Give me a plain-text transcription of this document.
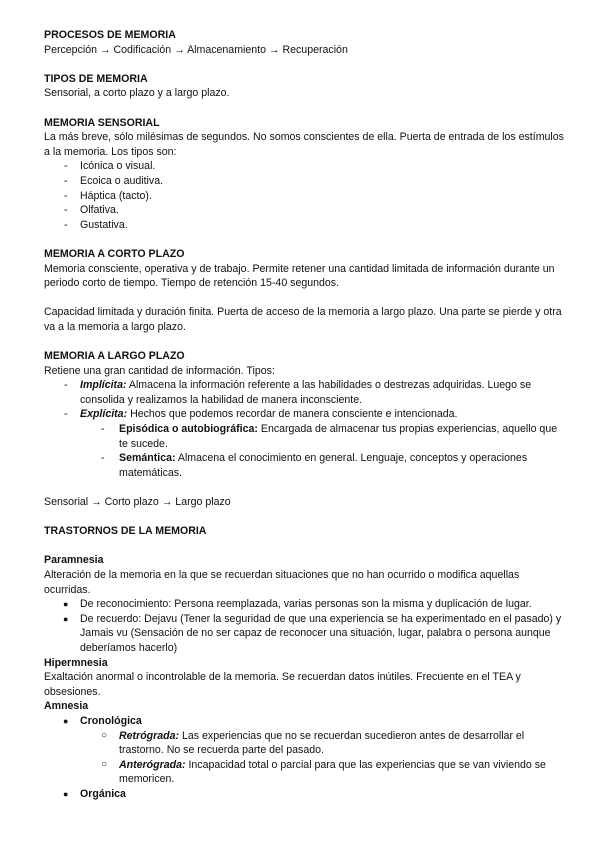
PROCESOS DE MEMORIA

Percepción → Codificación → Almacenamiento → Recuperación

TIPOS DE MEMORIA

Sensorial, a corto plazo y a largo plazo.

MEMORIA SENSORIAL

La más breve, sólo milésimas de segundos. No somos conscientes de ella. Puerta de entrada de los estímulos a la memoria. Los tipos son:

- Icónica o visual.
- Ecoica o auditiva.
- Háptica (tacto).
- Olfativa.
- Gustativa.

MEMORIA A CORTO PLAZO

Memoria consciente, operativa y de trabajo. Permite retener una cantidad limitada de información durante un periodo corto de tiempo. Tiempo de retención 15-40 segundos.

Capacidad limitada y duración finita. Puerta de acceso de la memoria a largo plazo. Una parte se pierde y otra va a la memoria a largo plazo.

MEMORIA A LARGO PLAZO

Retiene una gran cantidad de información. Tipos:

- Implícita: Almacena la información referente a las habilidades o destrezas adquiridas. Luego se consolida y realizamos la habilidad de manera inconsciente.
- Explícita: Hechos que podemos recordar de manera consciente e intencionada.
- Episódica o autobiográfica: Encargada de almacenar tus propias experiencias, aquello que te sucede.
- Semántica: Almacena el conocimiento en general. Lenguaje, conceptos y operaciones matemáticas.

Sensorial → Corto plazo → Largo plazo

TRASTORNOS DE LA MEMORIA

Paramnesia

Alteración de la memoria en la que se recuerdan situaciones que no han ocurrido o modifica aquellas ocurridas.

● De reconocimiento: Persona reemplazada, varias personas son la misma y duplicación de lugar.
● De recuerdo: Dejavu (Tener la seguridad de que una experiencia se ha experimentado en el pasado) y Jamais vu (Sensación de no ser capaz de reconocer una situación, lugar, palabra o persona aunque deberíamos hacerlo)

Hipermnesia

Exaltación anormal o incontrolable de la memoria. Se recuerdan datos inútiles. Frecuente en el TEA y obsesiones.

Amnesia

● Cronológica
○ Retrógrada: Las experiencias que no se recuerdan sucedieron antes de desarrollar el trastorno. No se recuerda parte del pasado.
○ Anterógrada: Incapacidad total o parcial para que las experiencias que se van viviendo se memoricen.
● Orgánica
